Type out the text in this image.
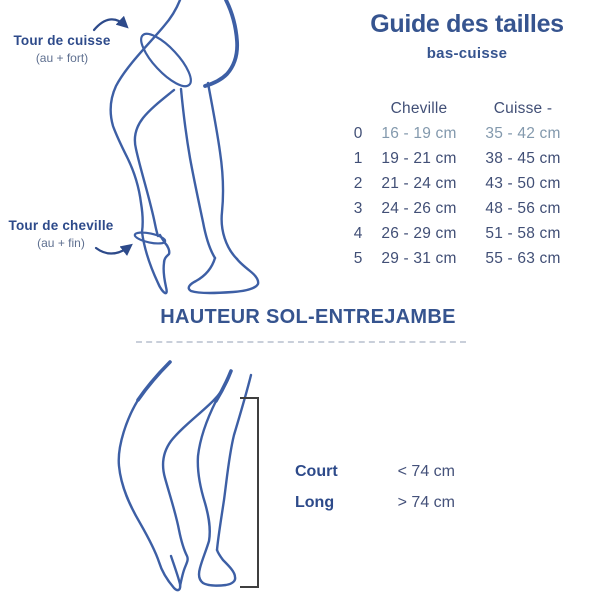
Tour de cuisse
(au + fort)
Tour de cheville
(au + fin)
Guide des tailles
bas-cuisse
Cheville	Cuisse -
0	16 - 19 cm	35 - 42 cm
1	19 - 21 cm	38 - 45 cm
2	21 - 24 cm	43 - 50 cm
3	24 - 26 cm	48 - 56 cm
4	26 - 29 cm	51 - 58 cm
5	29 - 31 cm	55 - 63 cm
HAUTEUR SOL-ENTREJAMBE
Court	< 74 cm
Long	> 74 cm
